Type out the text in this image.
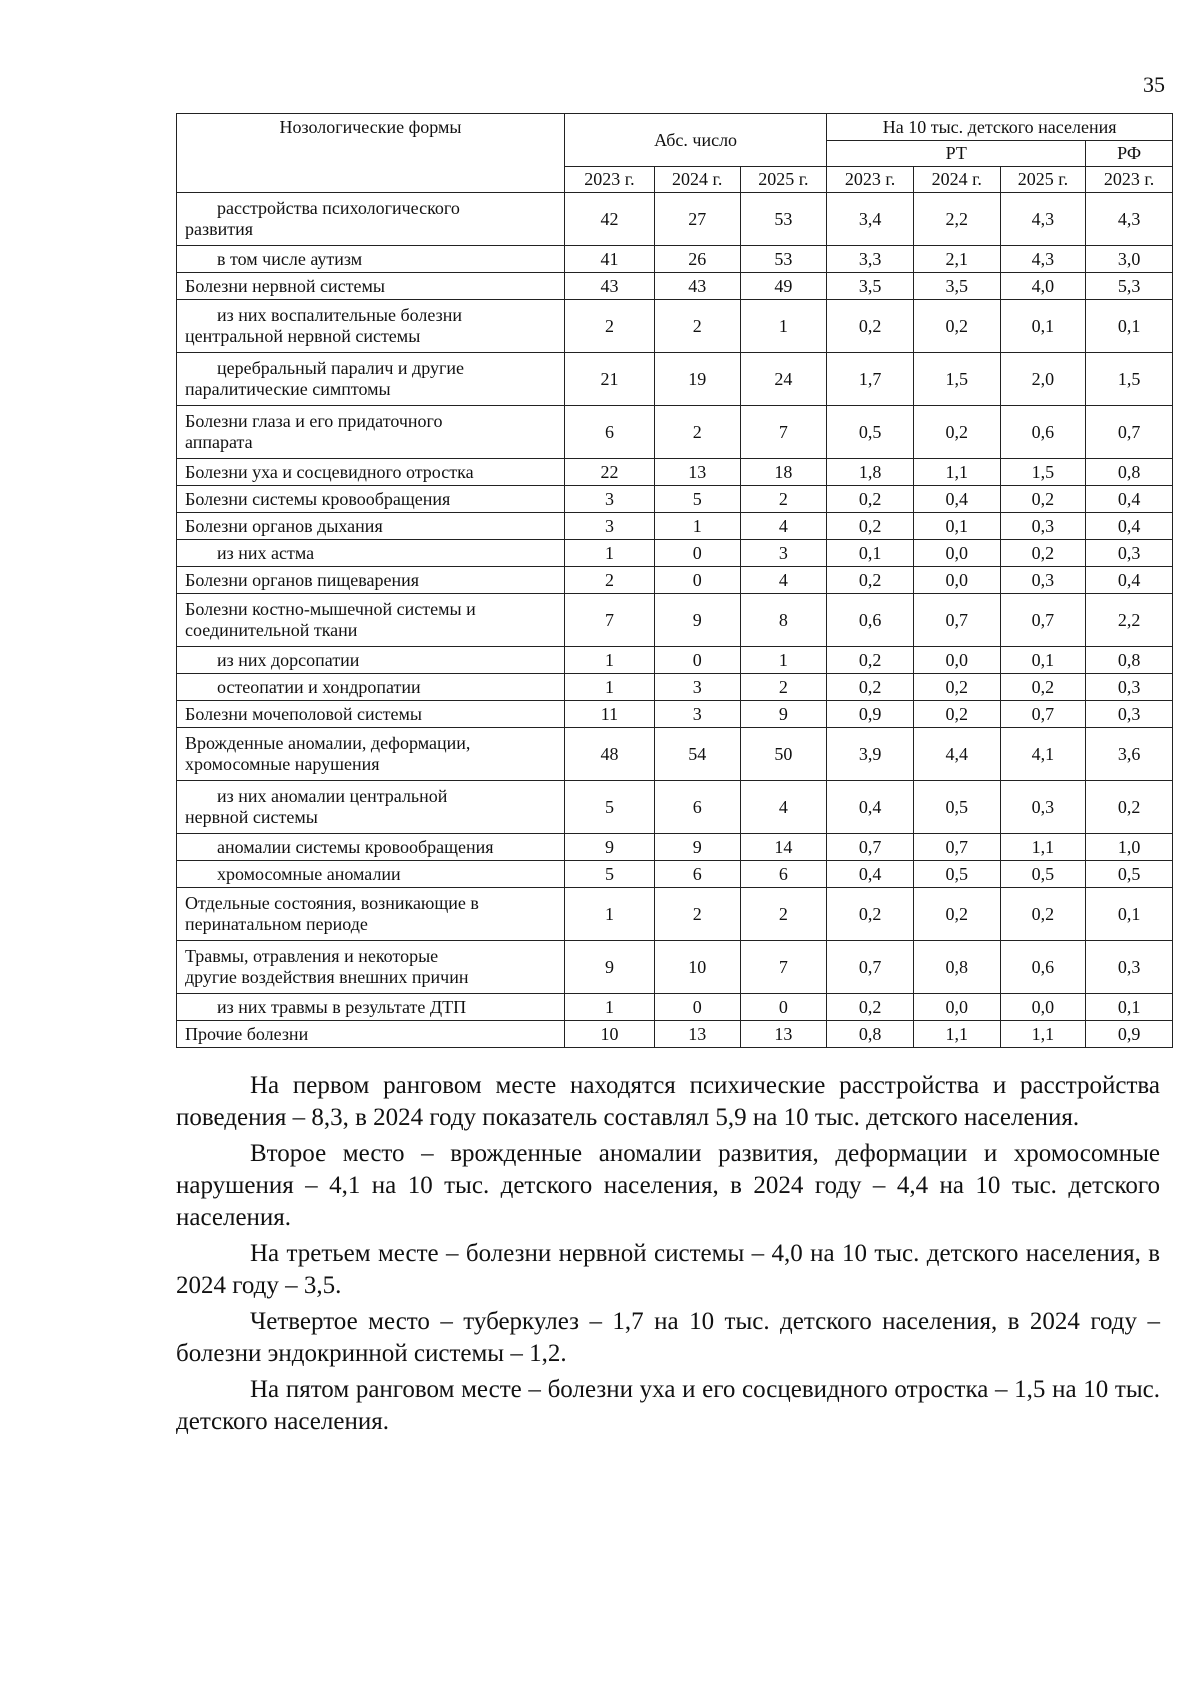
35
Нозологические формы	Абс. число			На 10 тыс. детского населения			
				РТ			РФ
	2023 г.	2024 г.	2025 г.	2023 г.	2024 г.	2025 г.	2023 г.

расстройства психологического
развития	42	27	53	3,4	2,2	4,3	4,3

в том числе аутизм	41	26	53	3,3	2,1	4,3	3,0

Болезни нервной системы	43	43	49	3,5	3,5	4,0	5,3

из них воспалительные болезни
центральной нервной системы	2	2	1	0,2	0,2	0,1	0,1

церебральный паралич и другие
паралитические симптомы	21	19	24	1,7	1,5	2,0	1,5

Болезни глаза и его придаточного
аппарата	6	2	7	0,5	0,2	0,6	0,7

Болезни уха и сосцевидного отростка	22	13	18	1,8	1,1	1,5	0,8

Болезни системы кровообращения	3	5	2	0,2	0,4	0,2	0,4

Болезни органов дыхания	3	1	4	0,2	0,1	0,3	0,4

из них астма	1	0	3	0,1	0,0	0,2	0,3

Болезни органов пищеварения	2	0	4	0,2	0,0	0,3	0,4

Болезни костно-мышечной системы и
соединительной ткани	7	9	8	0,6	0,7	0,7	2,2

из них дорсопатии	1	0	1	0,2	0,0	0,1	0,8

остеопатии и хондропатии	1	3	2	0,2	0,2	0,2	0,3

Болезни мочеполовой системы	11	3	9	0,9	0,2	0,7	0,3

Врожденные аномалии, деформации,
хромосомные нарушения	48	54	50	3,9	4,4	4,1	3,6

из них аномалии центральной
нервной системы	5	6	4	0,4	0,5	0,3	0,2

аномалии системы кровообращения	9	9	14	0,7	0,7	1,1	1,0

хромосомные аномалии	5	6	6	0,4	0,5	0,5	0,5

Отдельные состояния, возникающие в
перинатальном периоде	1	2	2	0,2	0,2	0,2	0,1

Травмы, отравления и некоторые
другие воздействия внешних причин	9	10	7	0,7	0,8	0,6	0,3

из них травмы в результате ДТП	1	0	0	0,2	0,0	0,0	0,1

Прочие болезни	10	13	13	0,8	1,1	1,1	0,9

На первом ранговом месте находятся психические расстройства и расстройства поведения – 8,3, в 2024 году показатель составлял 5,9 на 10 тыс. детского населения.

Второе место – врожденные аномалии развития, деформации и хромосомные нарушения – 4,1 на 10 тыс. детского населения, в 2024 году – 4,4 на 10 тыс. детского населения.

На третьем месте – болезни нервной системы – 4,0 на 10 тыс. детского населения, в 2024 году – 3,5.

Четвертое место – туберкулез – 1,7 на 10 тыс. детского населения, в 2024 году – болезни эндокринной системы – 1,2.

На пятом ранговом месте – болезни уха и его сосцевидного отростка – 1,5 на 10 тыс. детского населения.
